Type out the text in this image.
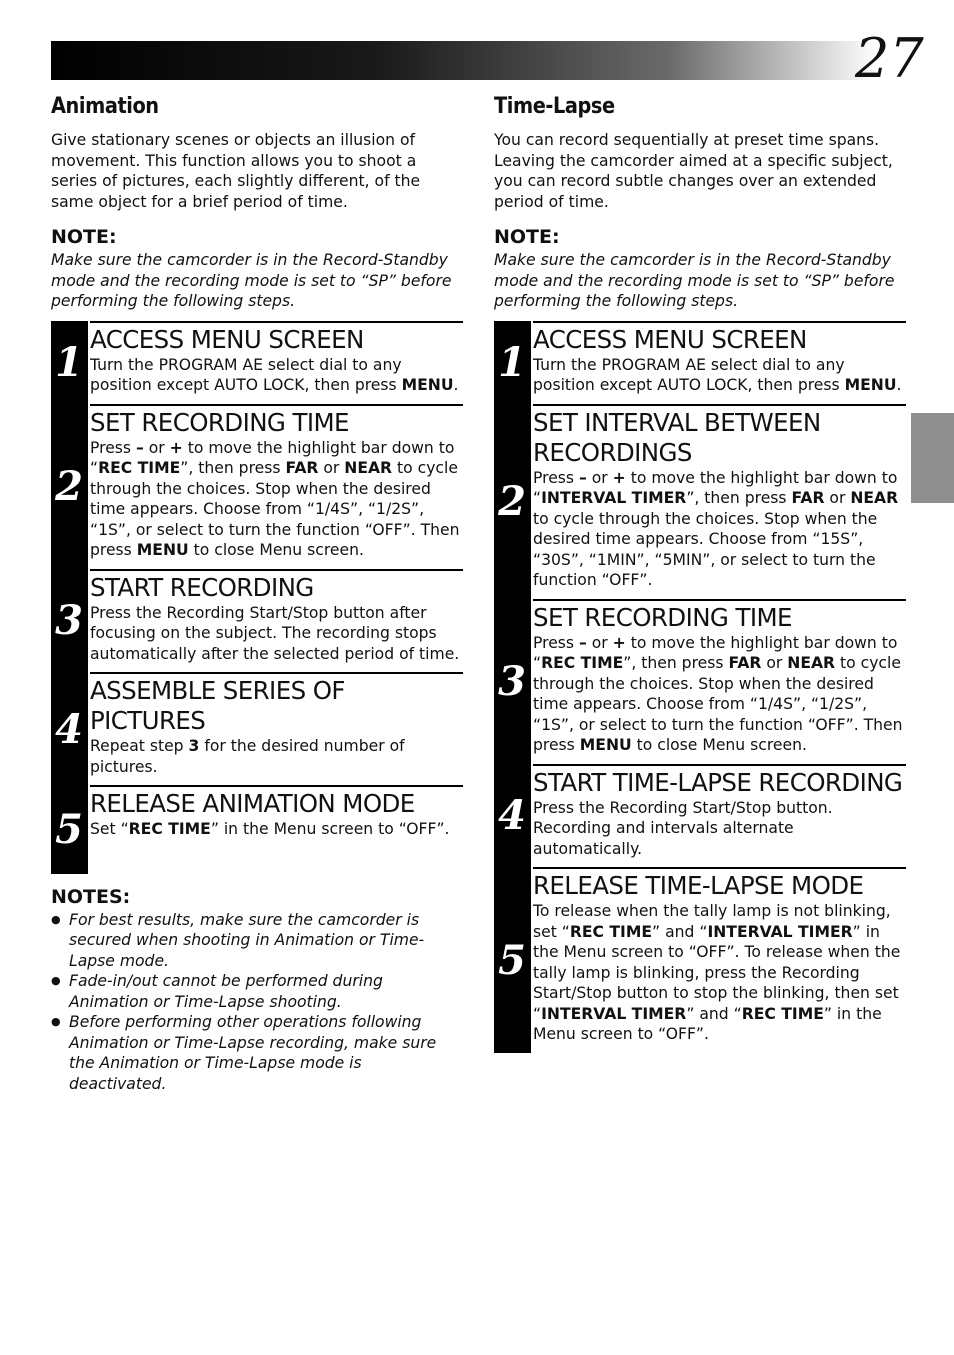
27
Animation

Give stationary scenes or objects an illusion of movement. This function allows you to shoot a series of pictures, each slightly different, of the same object for a brief period of time.

NOTE:

Make sure the camcorder is in the Record-Standby mode and the recording mode is set to “SP” before performing the following steps.

1 ACCESS MENU SCREEN

Turn the PROGRAM AE select dial to any position except AUTO LOCK, then press MENU.

2
SET RECORDING TIME

Press – or + to move the highlight bar down to “REC TIME”, then press FAR or NEAR to cycle through the choices. Stop when the desired time appears. Choose from “1/4S”, “1/2S”, “1S”, or select to turn the function “OFF”. Then press MENU to close Menu screen.

3
START RECORDING

Press the Recording Start/Stop button after focusing on the subject. The recording stops automatically after the selected period of time.

4
ASSEMBLE SERIES OF PICTURES

Repeat step 3 for the desired number of pictures.

5
RELEASE ANIMATION MODE

Set “REC TIME” in the Menu screen to “OFF”.

NOTES:

● For best results, make sure the camcorder is secured when shooting in Animation or Time-Lapse mode.
● Fade-in/out cannot be performed during Animation or Time-Lapse shooting.
● Before performing other operations following Animation or Time-Lapse recording, make sure the Animation or Time-Lapse mode is deactivated.
Time-Lapse

You can record sequentially at preset time spans. Leaving the camcorder aimed at a specific subject, you can record subtle changes over an extended period of time.

NOTE:

Make sure the camcorder is in the Record-Standby mode and the recording mode is set to “SP” before performing the following steps.

1 ACCESS MENU SCREEN

Turn the PROGRAM AE select dial to any position except AUTO LOCK, then press MENU.

2
SET INTERVAL BETWEEN RECORDINGS

Press – or + to move the highlight bar down to “INTERVAL TIMER”, then press FAR or NEAR to cycle through the choices. Stop when the desired time appears. Choose from “15S”, “30S”, “1MIN”, “5MIN”, or select to turn the function “OFF”.

3
SET RECORDING TIME

Press – or + to move the highlight bar down to “REC TIME”, then press FAR or NEAR to cycle through the choices. Stop when the desired time appears. Choose from “1/4S”, “1/2S”, “1S”, or select to turn the function “OFF”. Then press MENU to close Menu screen.

4
START TIME-LAPSE RECORDING

Press the Recording Start/Stop button. Recording and intervals alternate automatically.

5
RELEASE TIME-LAPSE MODE

To release when the tally lamp is not blinking, set “REC TIME” and “INTERVAL TIMER” in the Menu screen to “OFF”. To release when the tally lamp is blinking, press the Recording Start/Stop button to stop the blinking, then set “INTERVAL TIMER” and “REC TIME” in the Menu screen to “OFF”.
